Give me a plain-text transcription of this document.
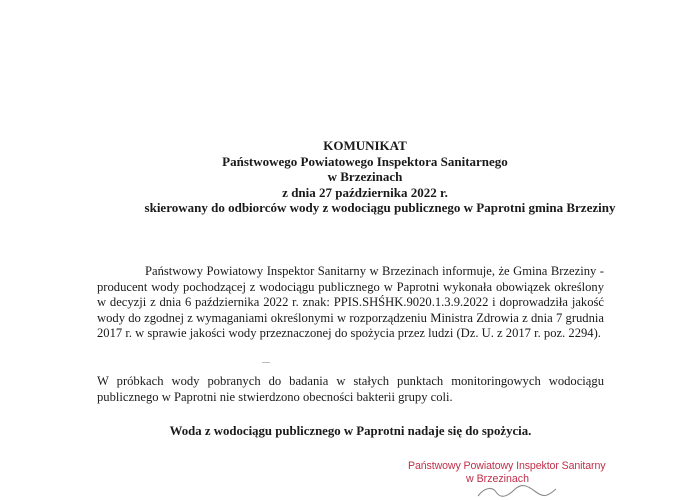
KOMUNIKAT
Państwowego Powiatowego Inspektora Sanitarnego
w Brzezinach
z dnia 27 października 2022 r.
skierowany do odbiorców wody z wodociągu publicznego w Paprotni gmina Brzeziny
Państwowy Powiatowy Inspektor Sanitarny w Brzezinach informuje, że Gmina Brzeziny - producent wody pochodzącej z wodociągu publicznego w Paprotni wykonała obowiązek określony w decyzji z dnia 6 października 2022 r. znak: PPIS.SHŚHK.9020.1.3.9.2022 i doprowadziła jakość wody do zgodnej z wymaganiami określonymi w rozporządzeniu Ministra Zdrowia z dnia 7 grudnia 2017 r. w sprawie jakości wody przeznaczonej do spożycia przez ludzi (Dz. U. z 2017 r. poz. 2294).
W próbkach wody pobranych do badania w stałych punktach monitoringowych wodociągu publicznego w Paprotni nie stwierdzono obecności bakterii grupy coli.
Woda z wodociągu publicznego w Paprotni nadaje się do spożycia.
Państwowy Powiatowy Inspektor Sanitarny
w Brzezinach
